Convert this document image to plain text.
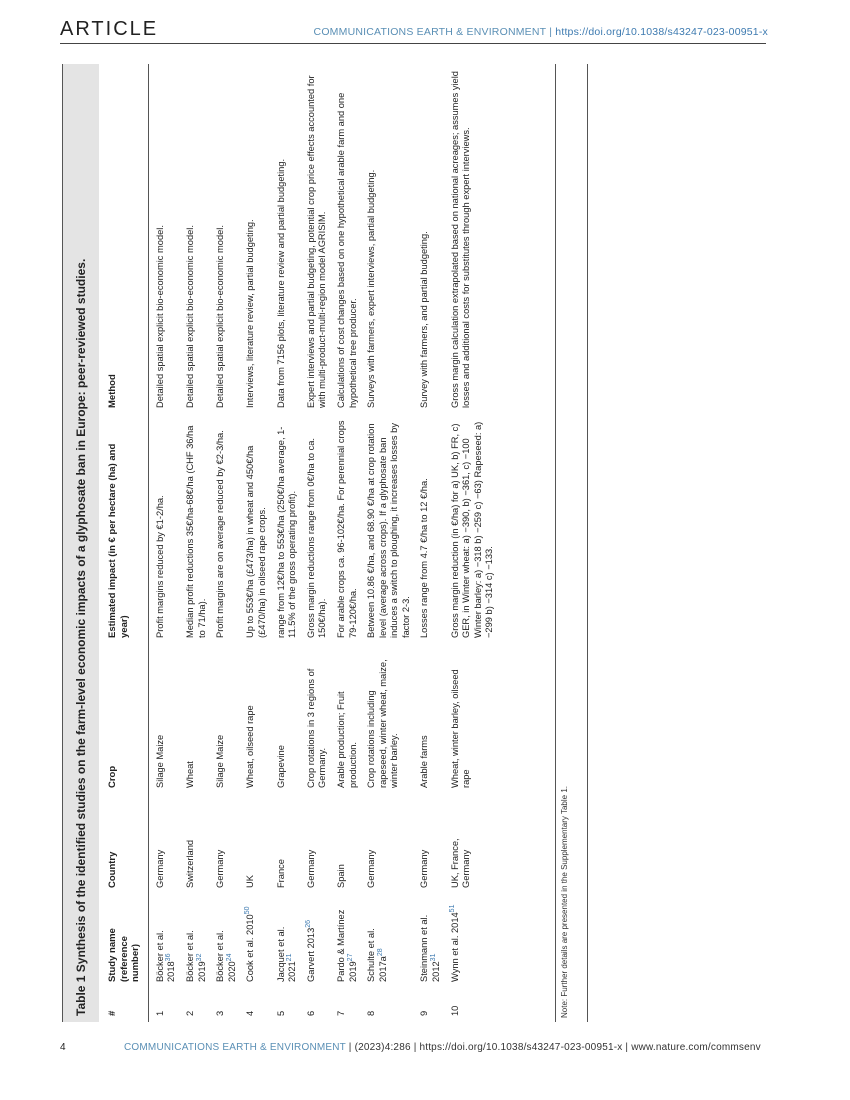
ARTICLE	COMMUNICATIONS EARTH & ENVIRONMENT | https://doi.org/10.1038/s43247-023-00951-x
Table 1 Synthesis of the identified studies on the farm-level economic impacts of a glyphosate ban in Europe: peer-reviewed studies.	#	Study name (reference number)	Country	Crop	Estimated impact (in € per hectare (ha) and year)	Method
1	Böcker et al. 2018$^{36}$	Germany	Silage Maize	Profit margins reduced by €1-2/ha.	Detailed spatial explicit bio-economic model.
2	Böcker et al. 2019$^{32}$	Switzerland	Wheat	Median profit reductions 35€/ha-68€/ha (CHF 36/ha to 71/ha).	Detailed spatial explicit bio-economic model.
3	Böcker et al. 2020$^{24}$	Germany	Silage Maize	Profit margins are on average reduced by €2-3/ha.	Detailed spatial explicit bio-economic model.
4	Cook et al. 2010$^{50}$	UK	Wheat, oilseed rape	Up to 553€/ha (£473/ha) in wheat and 450€/ha (£470/ha) in oilseed rape crops.	Interviews, literature review, partial budgeting.
5	Jacquet et al. 2021$^{21}$	France	Grapevine	range from 12€/ha to 553€/ha (250€/ha average, 1-11.5% of the gross operating profit).	Data from 7156 plots, literature review and partial budgeting.
6	Garvert 2013$^{26}$	Germany	Crop rotations in 3 regions of Germany.	Gross margin reductions range from 0€/ha to ca. 150€/ha).	Expert interviews and partial budgeting, potential crop price effects accounted for with multi-product-multi-region model AGRISIM.
7	Pardo & Martínez 2019$^{27}$	Spain	Arable production; Fruit production.	For arable crops ca. 96-102€/ha. For perennial crops 79-120€/ha.	Calculations of cost changes based on one hypothetical arable farm and one hypothetical tree producer.
8	Schulte et al. 2017a$^{28}$	Germany	Crop rotations including rapeseed, winter wheat, maize, winter barley.	Between 10.86 €/ha, and 68.90 €/ha at crop rotation level (average across crops). If a glyphosate ban induces a switch to ploughing, it increases losses by factor 2-3.	Surveys with farmers, expert interviews, partial budgeting.
9	Steinmann et al. 2012$^{31}$	Germany	Arable farms	Losses range from 4.7 €/ha to 12 €/ha.	Survey with farmers, and partial budgeting.
10	Wynn et al. 2014$^{51}$	UK, France, Germany	Wheat, winter barley, oilseed rape	Gross margin reduction (in €/ha) for a) UK, b) FR, c) GER, in Winter wheat: a) −390, b) −361, c) −100 Winter barley: a) −318 b) −259 c) −63) Rapeseed: a) −299 b) −314 c) −133.	Gross margin calculation extrapolated based on national acreages; assumes yield losses and additional costs for substitutes through expert interviews.
Note: Further details are presented in the Supplementary Table 1.
4	COMMUNICATIONS EARTH & ENVIRONMENT | (2023)4:286 | https://doi.org/10.1038/s43247-023-00951-x | www.nature.com/commsenv
